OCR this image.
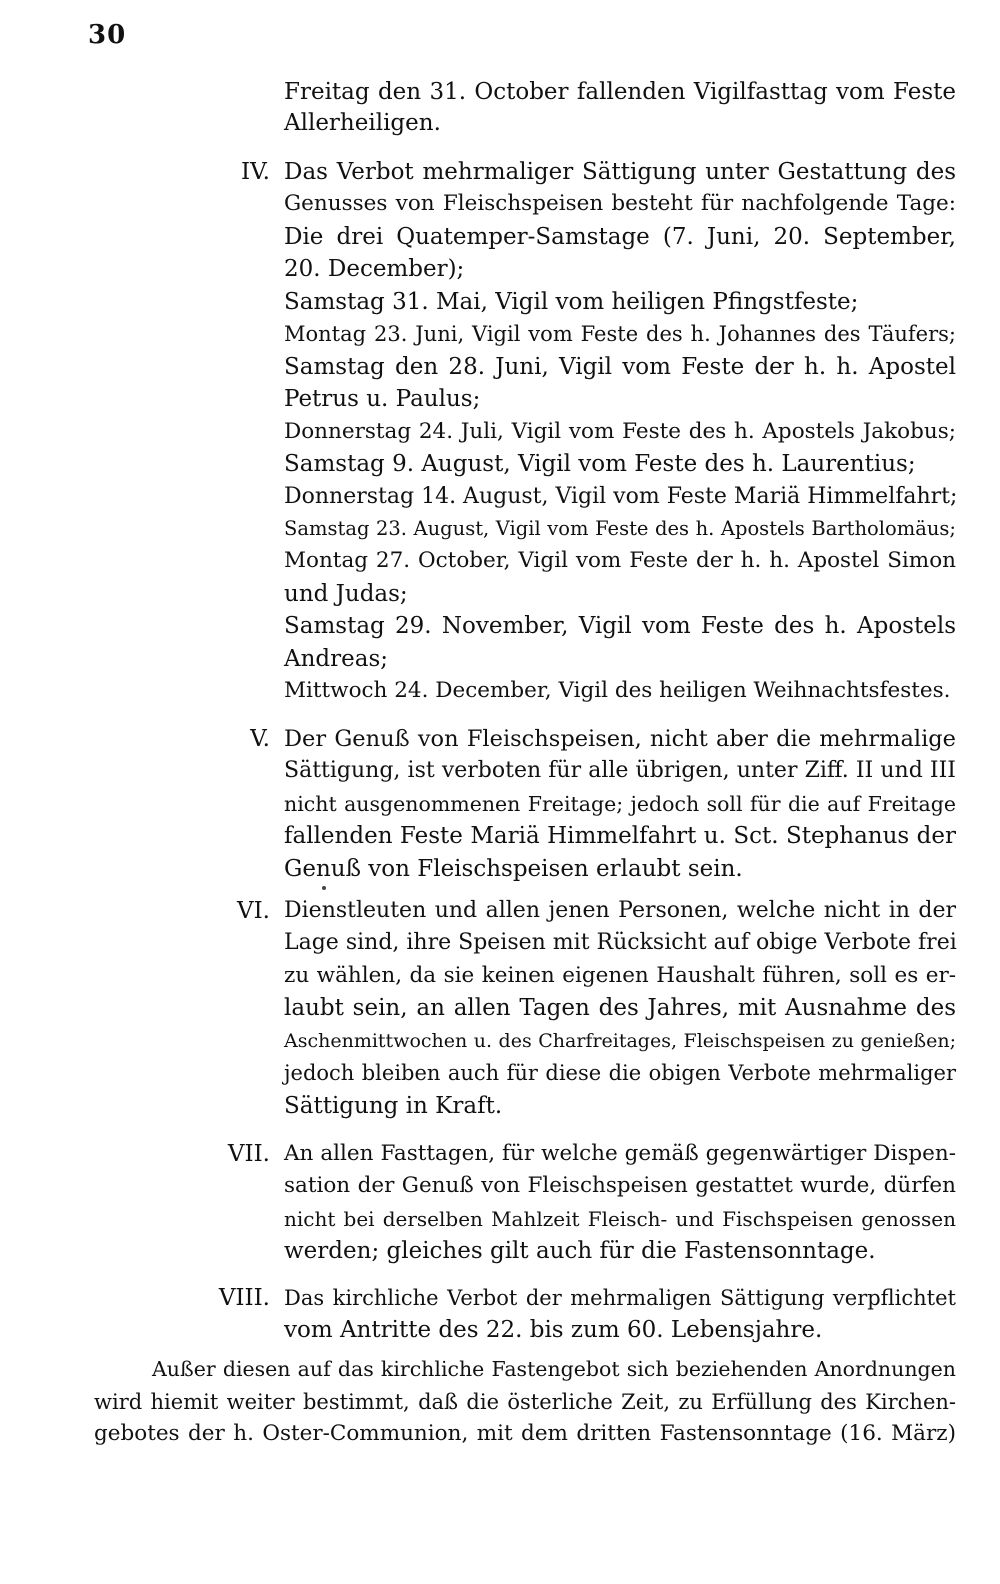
30
Freitag den 31. October fallenden Vigilfasttag vom Feste
Allerheiligen.
IV. Das Verbot mehrmaliger Sättigung unter Gestattung des
Genusses von Fleischspeisen besteht für nachfolgende Tage:
Die drei Quatemper-Samstage (7. Juni, 20. September,
20. December);
Samstag 31. Mai, Vigil vom heiligen Pfingstfeste;
Montag 23. Juni, Vigil vom Feste des h. Johannes des Täufers;
Samstag den 28. Juni, Vigil vom Feste der h. h. Apostel
Petrus u. Paulus;
Donnerstag 24. Juli, Vigil vom Feste des h. Apostels Jakobus;
Samstag 9. August, Vigil vom Feste des h. Laurentius;
Donnerstag 14. August, Vigil vom Feste Mariä Himmelfahrt;
Samstag 23. August, Vigil vom Feste des h. Apostels Bartholomäus;
Montag 27. October, Vigil vom Feste der h. h. Apostel Simon
und Judas;
Samstag 29. November, Vigil vom Feste des h. Apostels
Andreas;
Mittwoch 24. December, Vigil des heiligen Weihnachtsfestes.
V. Der Genuß von Fleischspeisen, nicht aber die mehrmalige
Sättigung, ist verboten für alle übrigen, unter Ziff. II und III
nicht ausgenommenen Freitage; jedoch soll für die auf Freitage
fallenden Feste Mariä Himmelfahrt u. Sct. Stephanus der
Genuß von Fleischspeisen erlaubt sein.
VI. Dienstleuten und allen jenen Personen, welche nicht in der
Lage sind, ihre Speisen mit Rücksicht auf obige Verbote frei
zu wählen, da sie keinen eigenen Haushalt führen, soll es er-
laubt sein, an allen Tagen des Jahres, mit Ausnahme des
Aschenmittwochen u. des Charfreitages, Fleischspeisen zu genießen;
jedoch bleiben auch für diese die obigen Verbote mehrmaliger
Sättigung in Kraft.
VII. An allen Fasttagen, für welche gemäß gegenwärtiger Dispen-
sation der Genuß von Fleischspeisen gestattet wurde, dürfen
nicht bei derselben Mahlzeit Fleisch- und Fischspeisen genossen
werden; gleiches gilt auch für die Fastensonntage.
VIII. Das kirchliche Verbot der mehrmaligen Sättigung verpflichtet
vom Antritte des 22. bis zum 60. Lebensjahre.
Außer diesen auf das kirchliche Fastengebot sich beziehenden Anordnungen
wird hiemit weiter bestimmt, daß die österliche Zeit, zu Erfüllung des Kirchen-
gebotes der h. Oster-Communion, mit dem dritten Fastensonntage (16. März)
